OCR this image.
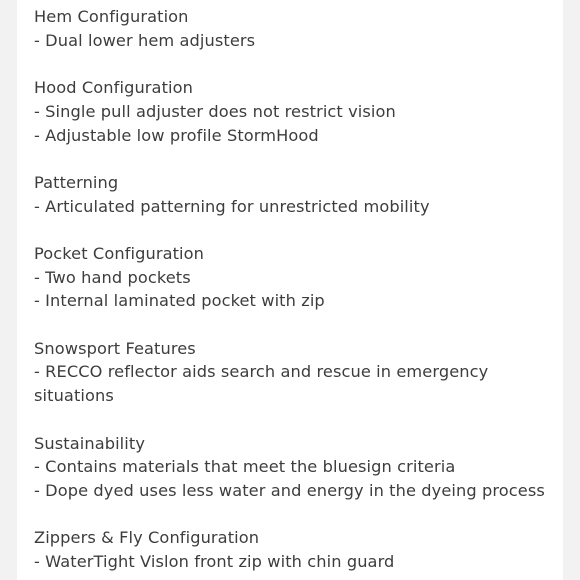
Hem Configuration
- Dual lower hem adjusters
Hood Configuration
- Single pull adjuster does not restrict vision
- Adjustable low profile StormHood
Patterning
- Articulated patterning for unrestricted mobility
Pocket Configuration
- Two hand pockets
- Internal laminated pocket with zip
Snowsport Features
- RECCO reflector aids search and rescue in emergency
situations
Sustainability
- Contains materials that meet the bluesign criteria
- Dope dyed uses less water and energy in the dyeing process
Zippers & Fly Configuration
- WaterTight Vislon front zip with chin guard
